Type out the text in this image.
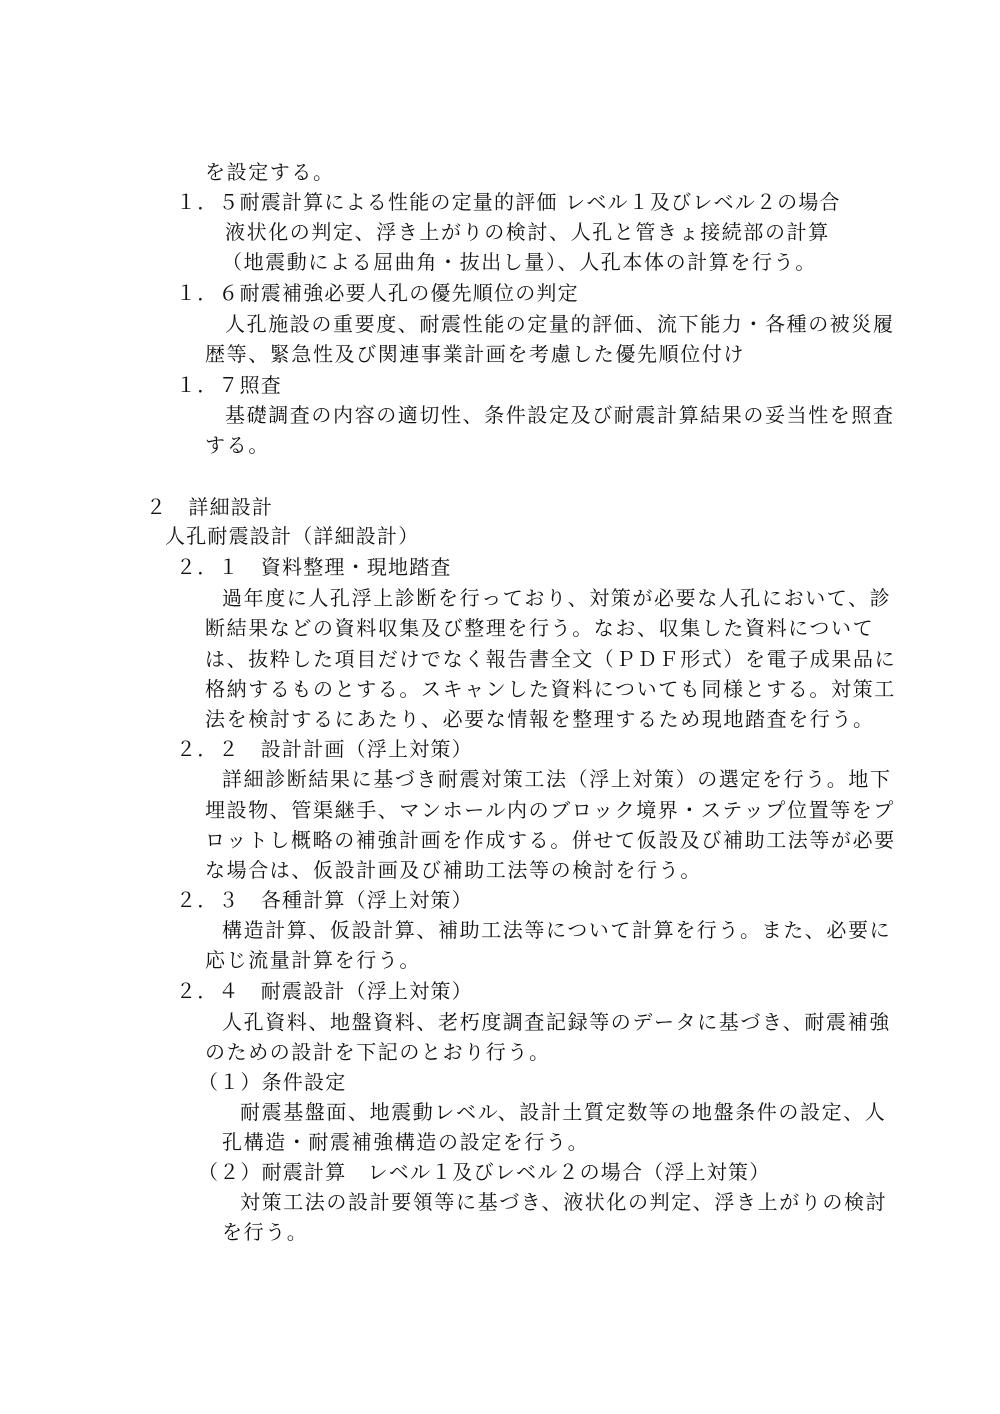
を設定する。
１．５耐震計算による性能の定量的評価 レベル１及びレベル２の場合
液状化の判定、浮き上がりの検討、人孔と管きょ接続部の計算
（地震動による屈曲角・抜出し量）、人孔本体の計算を行う。
１．６耐震補強必要人孔の優先順位の判定
人孔施設の重要度、耐震性能の定量的評価、流下能力・各種の被災履
歴等、緊急性及び関連事業計画を考慮した優先順位付け
１．７照査
基礎調査の内容の適切性、条件設定及び耐震計算結果の妥当性を照査
する。
２　詳細設計
人孔耐震設計（詳細設計）
２．１　資料整理・現地踏査
過年度に人孔浮上診断を行っており、対策が必要な人孔において、診
断結果などの資料収集及び整理を行う。なお、収集した資料について
は、抜粋した項目だけでなく報告書全文（ＰＤＦ形式）を電子成果品に
格納するものとする。スキャンした資料についても同様とする。対策工
法を検討するにあたり、必要な情報を整理するため現地踏査を行う。
２．２　設計計画（浮上対策）
詳細診断結果に基づき耐震対策工法（浮上対策）の選定を行う。地下
埋設物、管渠継手、マンホール内のブロック境界・ステップ位置等をプ
ロットし概略の補強計画を作成する。併せて仮設及び補助工法等が必要
な場合は、仮設計画及び補助工法等の検討を行う。
２．３　各種計算（浮上対策）
構造計算、仮設計算、補助工法等について計算を行う。また、必要に
応じ流量計算を行う。
２．４　耐震設計（浮上対策）
人孔資料、地盤資料、老朽度調査記録等のデータに基づき、耐震補強
のための設計を下記のとおり行う。
（１）条件設定
耐震基盤面、地震動レベル、設計土質定数等の地盤条件の設定、人
孔構造・耐震補強構造の設定を行う。
（２）耐震計算　レベル１及びレベル２の場合（浮上対策）
対策工法の設計要領等に基づき、液状化の判定、浮き上がりの検討
を行う。
